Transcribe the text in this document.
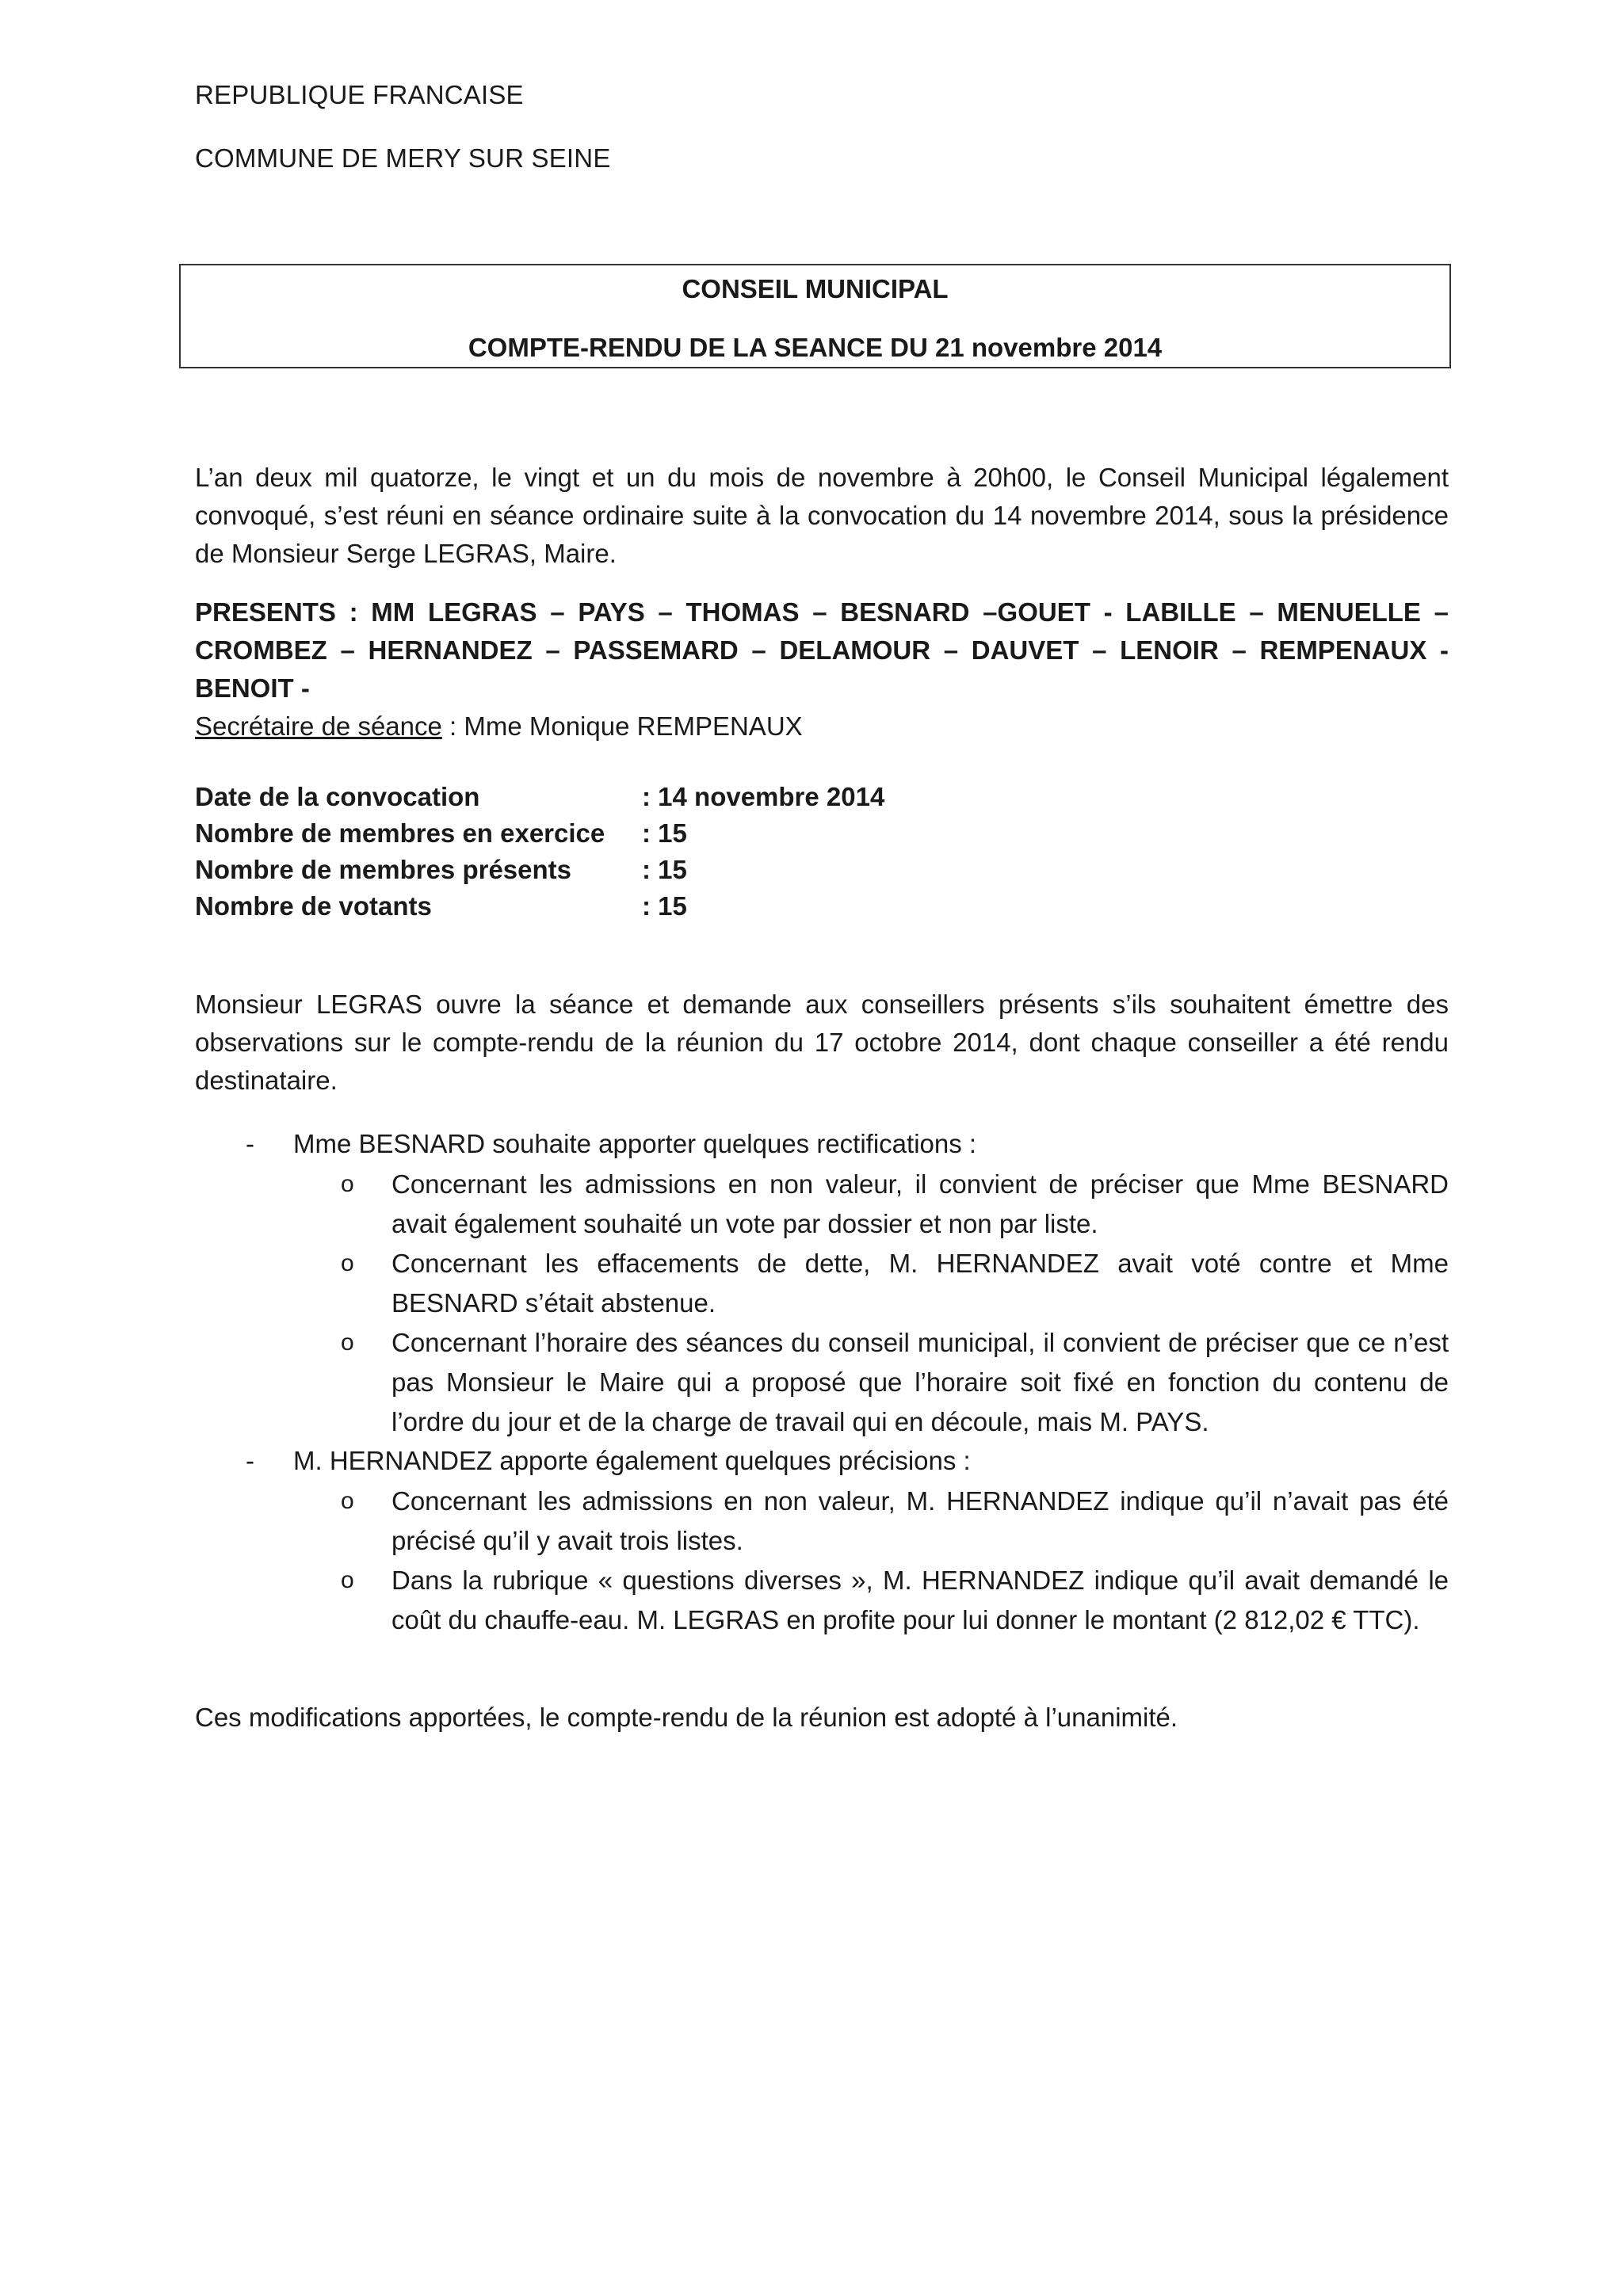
REPUBLIQUE FRANCAISE
COMMUNE DE MERY SUR SEINE
CONSEIL MUNICIPAL
COMPTE-RENDU DE LA SEANCE DU 21 novembre 2014
L’an deux mil quatorze, le vingt et un du mois de novembre à 20h00, le Conseil Municipal légalement convoqué, s’est réuni en séance ordinaire suite à la convocation du 14 novembre 2014, sous la présidence de Monsieur Serge LEGRAS, Maire.
PRESENTS : MM LEGRAS – PAYS – THOMAS – BESNARD –GOUET - LABILLE – MENUELLE – CROMBEZ – HERNANDEZ – PASSEMARD – DELAMOUR – DAUVET – LENOIR – REMPENAUX - BENOIT -
Secrétaire de séance : Mme Monique REMPENAUX
Date de la convocation	: 14 novembre 2014
Nombre de membres en exercice : 15
Nombre de membres présents	: 15
Nombre de votants	: 15
Monsieur LEGRAS ouvre la séance et demande aux conseillers présents s’ils souhaitent émettre des observations sur le compte-rendu de la réunion du 17 octobre 2014, dont chaque conseiller a été rendu destinataire.
- Mme BESNARD souhaite apporter quelques rectifications :
o Concernant les admissions en non valeur, il convient de préciser que Mme BESNARD avait également souhaité un vote par dossier et non par liste.
o Concernant les effacements de dette, M. HERNANDEZ avait voté contre et Mme BESNARD s’était abstenue.
o Concernant l’horaire des séances du conseil municipal, il convient de préciser que ce n’est pas Monsieur le Maire qui a proposé que l’horaire soit fixé en fonction du contenu de l’ordre du jour et de la charge de travail qui en découle, mais M. PAYS.
- M. HERNANDEZ apporte également quelques précisions :
o Concernant les admissions en non valeur, M. HERNANDEZ indique qu’il n’avait pas été précisé qu’il y avait trois listes.
o Dans la rubrique « questions diverses », M. HERNANDEZ indique qu’il avait demandé le coût du chauffe-eau. M. LEGRAS en profite pour lui donner le montant (2 812,02 € TTC).
Ces modifications apportées, le compte-rendu de la réunion est adopté à l’unanimité.
